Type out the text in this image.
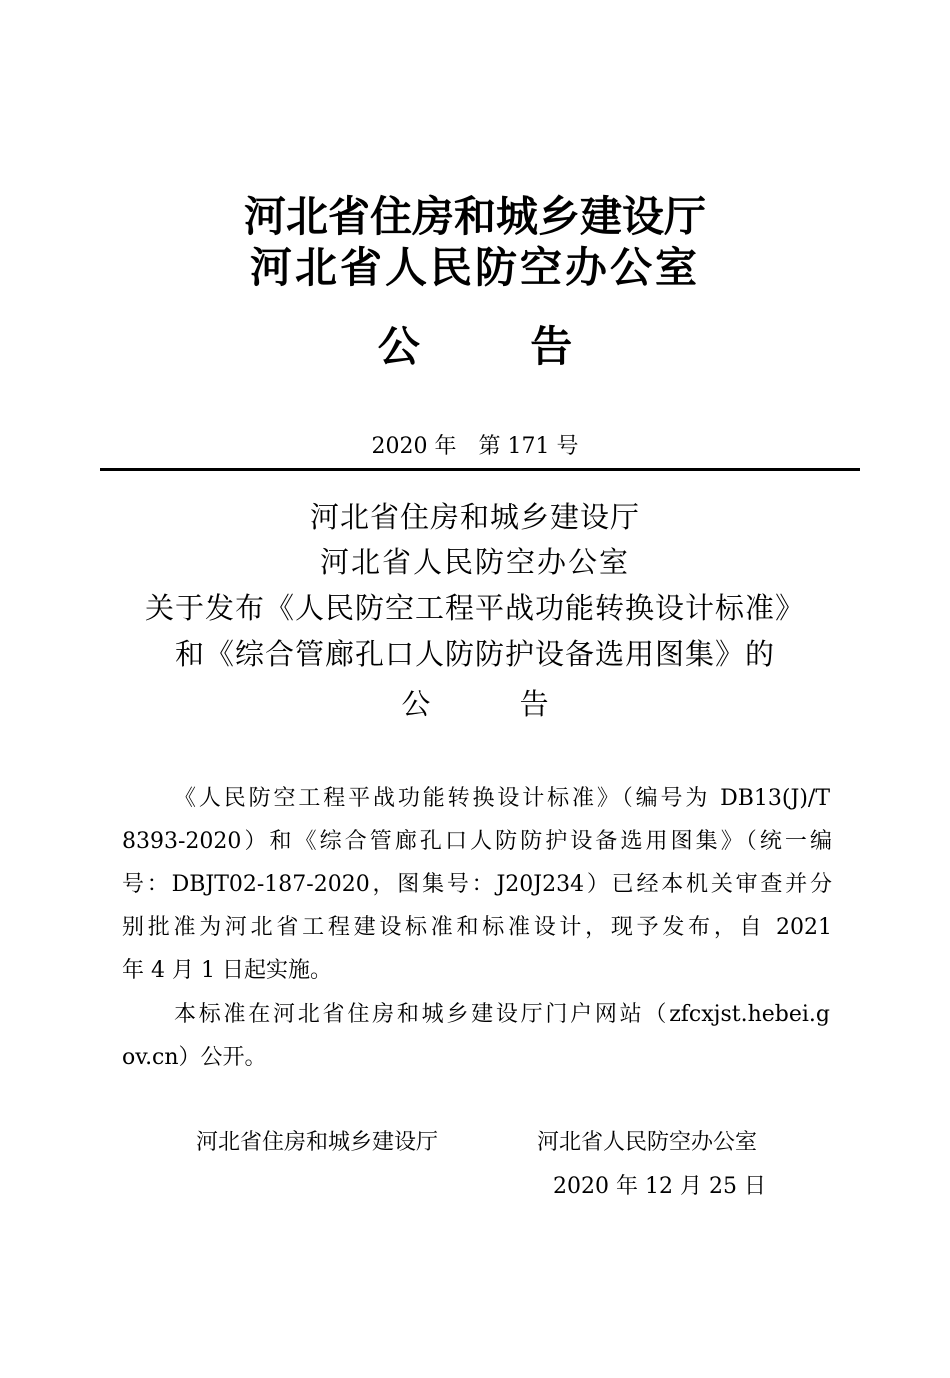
河北省住房和城乡建设厅
河北省人民防空办公室
公 告
2020 年　第 171 号
河北省住房和城乡建设厅
河北省人民防空办公室
关于发布《人民防空工程平战功能转换设计标准》
和《综合管廊孔口人防防护设备选用图集》的
公 告
《人民防空工程平战功能转换设计标准》（编号为 DB13(J)/T
8393-2020）和《综合管廊孔口人防防护设备选用图集》（统一编
号：DBJT02-187-2020，图集号：J20J234）已经本机关审查并分
别批准为河北省工程建设标准和标准设计，现予发布，自 2021
年 4 月 1 日起实施。
本标准在河北省住房和城乡建设厅门户网站（zfcxjst.hebei.g
ov.cn）公开。
河北省住房和城乡建设厅	河北省人民防空办公室
2020 年 12 月 25 日
